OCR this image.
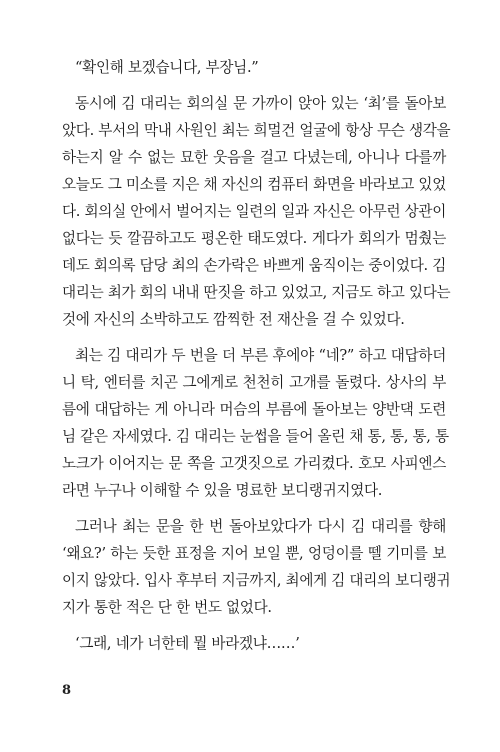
“확인해 보겠습니다, 부장님.”
동시에 김 대리는 회의실 문 가까이 앉아 있는 ‘최’를 돌아보
았다. 부서의 막내 사원인 최는 희멀건 얼굴에 항상 무슨 생각을
하는지 알 수 없는 묘한 웃음을 걸고 다녔는데, 아니나 다를까
오늘도 그 미소를 지은 채 자신의 컴퓨터 화면을 바라보고 있었
다. 회의실 안에서 벌어지는 일련의 일과 자신은 아무런 상관이
없다는 듯 깔끔하고도 평온한 태도였다. 게다가 회의가 멈췄는
데도 회의록 담당 최의 손가락은 바쁘게 움직이는 중이었다. 김
대리는 최가 회의 내내 딴짓을 하고 있었고, 지금도 하고 있다는
것에 자신의 소박하고도 깜찍한 전 재산을 걸 수 있었다.
최는 김 대리가 두 번을 더 부른 후에야 “네?” 하고 대답하더
니 탁, 엔터를 치곤 그에게로 천천히 고개를 돌렸다. 상사의 부
름에 대답하는 게 아니라 머슴의 부름에 돌아보는 양반댁 도련
님 같은 자세였다. 김 대리는 눈썹을 들어 올린 채 통, 통, 통, 통
노크가 이어지는 문 쪽을 고갯짓으로 가리켰다. 호모 사피엔스
라면 누구나 이해할 수 있을 명료한 보디랭귀지였다.
그러나 최는 문을 한 번 돌아보았다가 다시 김 대리를 향해
‘왜요?’ 하는 듯한 표정을 지어 보일 뿐, 엉덩이를 뗄 기미를 보
이지 않았다. 입사 후부터 지금까지, 최에게 김 대리의 보디랭귀
지가 통한 적은 단 한 번도 없었다.
‘그래, 네가 너한테 뭘 바라겠냐……’
8
